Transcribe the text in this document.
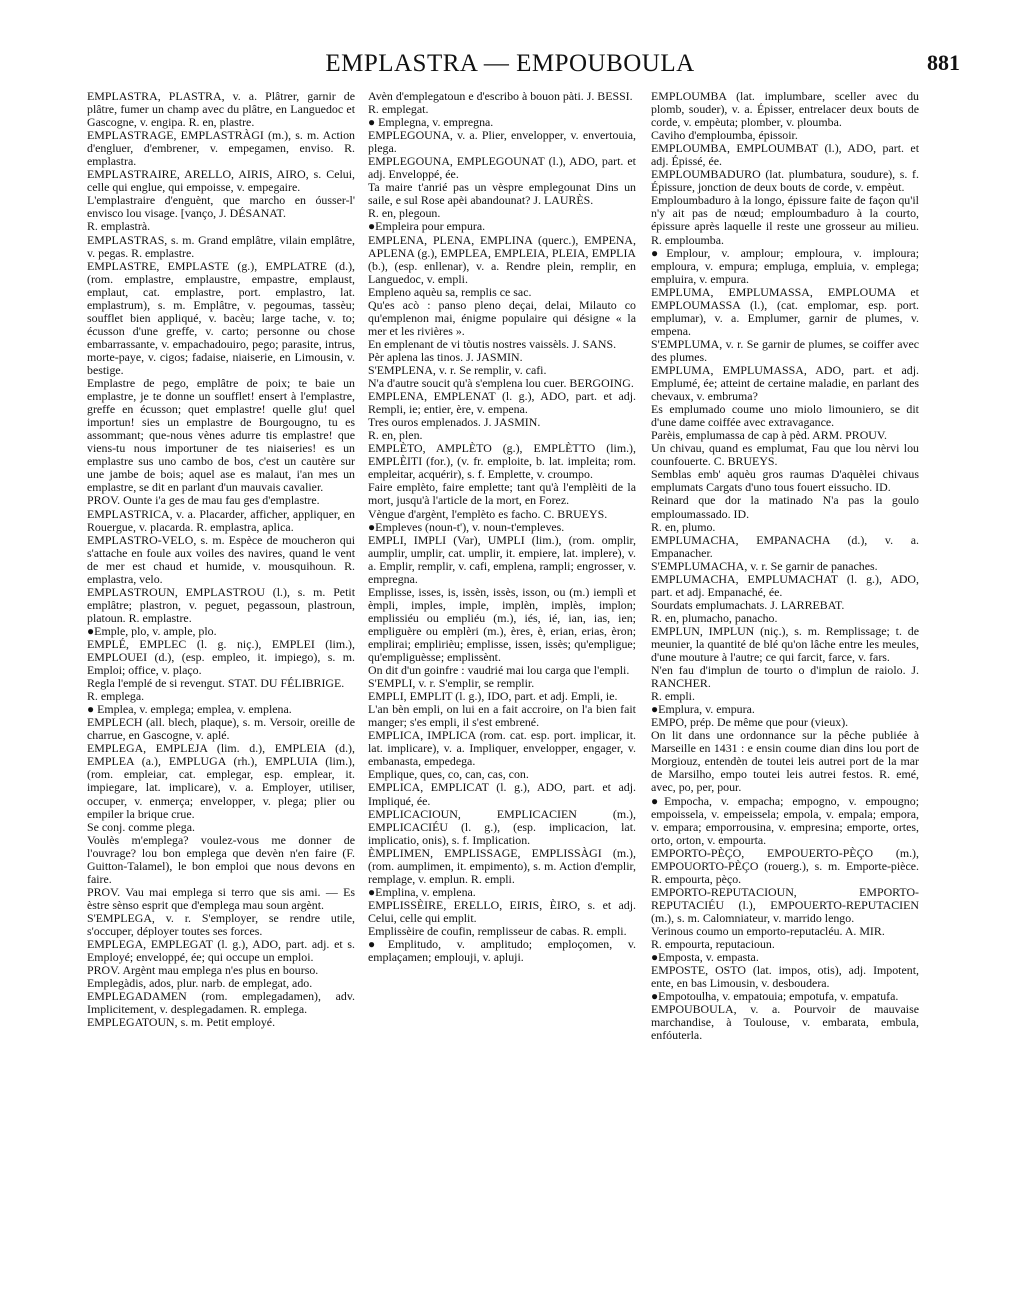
EMPLASTRA — EMPOUBOULA	881

EMPLASTRA, PLASTRA, v. a. Plâtrer, garnir de plâtre, fumer un champ avec du plâtre, en Languedoc et Gascogne, v. engipa. R. en, plastre.

EMPLASTRAGE, EMPLASTRÀGI (m.), s. m. Action d'engluer, d'embrener, v. empegamen, enviso. R. emplastra.

EMPLASTRAIRE, ARELLO, AIRIS, AIRO, s. Celui, celle qui englue, qui empoisse, v. empegaire.

L'emplastraire d'enguènt, que marcho en óusser-l' envisco lou visage. [vanço, J. DÉSANAT.

R. emplastrà.

EMPLASTRAS, s. m. Grand emplâtre, vilain emplâtre, v. pegas. R. emplastre.

EMPLASTRE, EMPLASTE (g.), EMPLATRE (d.), (rom. emplastre, emplaustre, empastre, emplaust, emplaut, cat. emplastre, port. emplastro, lat. emplastrum), s. m. Emplâtre, v. pegoumas, tassèu; soufflet bien appliqué, v. bacèu; large tache, v. to; écusson d'une greffe, v. carto; personne ou chose embarrassante, v. empachadouiro, pego; parasite, intrus, morte-paye, v. cigos; fadaise, niaiserie, en Limousin, v. bestige.

Emplastre de pego, emplâtre de poix; te baie un emplastre, je te donne un soufflet! ensert à l'emplastre, greffe en écusson; quet emplastre! quelle glu! quel importun! sies un emplastre de Bourgougno, tu es assommant; que-nous vènes adurre tis emplastre! que viens-tu nous importuner de tes niaiseries! es un emplastre sus uno cambo de bos, c'est un cautère sur une jambe de bois; aquel ase es malaut, i'an mes un emplastre, se dit en parlant d'un mauvais cavalier.

PROV. Ounte i'a ges de mau fau ges d'emplastre.

EMPLASTRICA, v. a. Placarder, afficher, appliquer, en Rouergue, v. placarda. R. emplastra, aplica.

EMPLASTRO-VELO, s. m. Espèce de moucheron qui s'attache en foule aux voiles des navires, quand le vent de mer est chaud et humide, v. mousquihoun. R. emplastra, velo.

EMPLASTROUN, EMPLASTROU (l.), s. m. Petit emplâtre; plastron, v. peguet, pegassoun, plastroun, platoun. R. emplastre.

●Emple, plo, v. ample, plo.

EMPLÉ, EMPLEC (l. g. niç.), EMPLEI (lim.), EMPLOUEI (d.), (esp. empleo, it. impiego), s. m. Emploi; office, v. plaço.

Regla l'emplé de si revengut. STAT. DU FÉLIBRIGE.

R. emplega.

● Emplea, v. emplega; emplea, v. emplena.

EMPLECH (all. blech, plaque), s. m. Versoir, oreille de charrue, en Gascogne, v. aplé.

EMPLEGA, EMPLEJA (lim. d.), EMPLEIA (d.), EMPLEA (a.), EMPLUGA (rh.), EMPLUIA (lim.), (rom. empleiar, cat. emplegar, esp. emplear, it. impiegare, lat. implicare), v. a. Employer, utiliser, occuper, v. enmerça; envelopper, v. plega; plier ou empiler la brique crue.

Se conj. comme plega.

Voulès m'emplega? voulez-vous me donner de l'ouvrage? lou bon emplega que devèn n'en faire (F. Guitton-Talamel), le bon emploi que nous devons en faire.

PROV. Vau mai emplega si terro que sis ami. — Es èstre sènso esprit que d'emplega mau soun argènt.

S'EMPLEGA, v. r. S'employer, se rendre utile, s'occuper, déployer toutes ses forces.

EMPLEGA, EMPLEGAT (l. g.), ADO, part. adj. et s. Employé; enveloppé, ée; qui occupe un emploi.

PROV. Argènt mau emplega n'es plus en bourso.

Emplegàdis, ados, plur. narb. de emplegat, ado.

EMPLEGADAMEN (rom. emplegadamen), adv. Implicitement, v. desplegadamen. R. emplega.

EMPLEGATOUN, s. m. Petit employé.

Avèn d'emplegatoun e d'escribo à bouon pàti. J. BESSI.

R. emplegat.

● Emplegna, v. empregna.

EMPLEGOUNA, v. a. Plier, envelopper, v. envertouia, plega.

EMPLEGOUNA, EMPLEGOUNAT (l.), ADO, part. et adj. Enveloppé, ée.

Ta maire t'anrié pas un vèspre emplegounat Dins un saile, e sul Rose apèi abandounat? J. LAURÈS.

R. en, plegoun.

●Empleira pour empura.

EMPLENA, PLENA, EMPLINA (querc.), EMPENA, APLENA (g.), EMPLEA, EMPLEIA, PLEIA, EMPLIA (b.), (esp. enllenar), v. a. Rendre plein, remplir, en Languedoc, v. empli.

Empleno aquèu sa, remplis ce sac.

Qu'es acò : panso pleno deçai, delai, Milauto co qu'emplenon mai, énigme populaire qui désigne « la mer et les rivières ».

En emplenant de vi tòutis nostres vaissèls. J. SANS.

Pèr aplena las tinos. J. JASMIN.

S'EMPLENA, v. r. Se remplir, v. cafi.

N'a d'autre soucit qu'à s'emplena lou cuer. BERGOING.

EMPLENA, EMPLENAT (l. g.), ADO, part. et adj. Rempli, ie; entier, ère, v. empena.

Tres ouros emplenados. J. JASMIN.

R. en, plen.

EMPLÈTO, AMPLÈTO (g.), EMPLÈTTO (lim.), EMPLÈITI (for.), (v. fr. emploite, b. lat. impleita; rom. empleitar, acquérir), s. f. Emplette, v. croumpo.

Faire emplèto, faire emplette; tant qu'à l'emplèiti de la mort, jusqu'à l'article de la mort, en Forez.

Vèngue d'argènt, l'emplèto es facho. C. BRUEYS.

●Empleves (noun-t'), v. noun-t'empleves.

EMPLI, IMPLI (Var), UMPLI (lim.), (rom. omplir, aumplir, umplir, cat. umplir, it. empiere, lat. implere), v. a. Emplir, remplir, v. cafi, emplena, rampli; engrosser, v. empregna.

Emplisse, isses, is, issèn, issès, isson, ou (m.) iemplì et èmpli, imples, imple, implèn, implès, implon; emplissiéu ou empliéu (m.), iés, ié, ian, ias, ien; empliguère ou emplèri (m.), ères, è, erian, erias, èron; emplirai; emplirièu; emplisse, issen, issès; qu'empligue; qu'empliguèsse; emplissènt.

On dit d'un goinfre : vaudrié mai lou carga que l'empli.

S'EMPLI, v. r. S'emplir, se remplir.

EMPLI, EMPLIT (l. g.), IDO, part. et adj. Empli, ie.

L'an bèn empli, on lui en a fait accroire, on l'a bien fait manger; s'es empli, il s'est embrené.

EMPLICA, IMPLICA (rom. cat. esp. port. implicar, it. lat. implicare), v. a. Impliquer, envelopper, engager, v. embanasta, empedega.

Emplique, ques, co, can, cas, con.

EMPLICA, EMPLICAT (l. g.), ADO, part. et adj. Impliqué, ée.

EMPLICACIOUN, EMPLICACIEN (m.), EMPLICACIÉU (l. g.), (esp. implicacion, lat. implicatio, onis), s. f. Implication.

ÈMPLIMEN, EMPLISSAGE, EMPLISSÀGI (m.), (rom. aumplimen, it. empimento), s. m. Action d'emplir, remplage, v. emplun. R. empli.

●Emplina, v. emplena.

EMPLISSÈIRE, ERELLO, EIRIS, ÈIRO, s. et adj. Celui, celle qui emplit.

Emplissèire de coufin, remplisseur de cabas. R. empli.

●Emplitudo, v. amplitudo; emploçomen, v. emplaçamen; emplouji, v. apluji.

EMPLOUMBA (lat. implumbare, sceller avec du plomb, souder), v. a. Épisser, entrelacer deux bouts de corde, v. empèuta; plomber, v. ploumba.

Caviho d'emploumba, épissoir.

EMPLOUMBA, EMPLOUMBAT (l.), ADO, part. et adj. Épissé, ée.

EMPLOUMBADURO (lat. plumbatura, soudure), s. f. Épissure, jonction de deux bouts de corde, v. empèut.

Emploumbaduro à la longo, épissure faite de façon qu'il n'y ait pas de nœud; emploumbaduro à la courto, épissure après laquelle il reste une grosseur au milieu. R. emploumba.

●Emplour, v. amplour; emploura, v. imploura; emploura, v. empura; empluga, empluia, v. emplega; empluira, v. empura.

EMPLUMA, EMPLUMASSA, EMPLOUMA et EMPLOUMASSA (l.), (cat. emplomar, esp. port. emplumar), v. a. Emplumer, garnir de plumes, v. empena.

S'EMPLUMA, v. r. Se garnir de plumes, se coiffer avec des plumes.

EMPLUMA, EMPLUMASSA, ADO, part. et adj. Emplumé, ée; atteint de certaine maladie, en parlant des chevaux, v. embruma?

Es emplumado coume uno miolo limouniero, se dit d'une dame coiffée avec extravagance.

Parèis, emplumassa de cap à pèd. ARM. PROUV.

Un chivau, quand es emplumat, Fau que lou nèrvi lou counfouerte. C. BRUEYS.

Semblas emb' aquèu gros raumas D'aquèlei chivaus emplumats Cargats d'uno tous fouert eissucho. ID.

Reinard que dor la matinado N'a pas la goulo emploumassado. ID.

R. en, plumo.

EMPLUMACHA, EMPANACHA (d.), v. a. Empanacher.

S'EMPLUMACHA, v. r. Se garnir de panaches.

EMPLUMACHA, EMPLUMACHAT (l. g.), ADO, part. et adj. Empanaché, ée.

Sourdats emplumachats. J. LARREBAT.

R. en, plumacho, panacho.

EMPLUN, IMPLUN (niç.), s. m. Remplissage; t. de meunier, la quantité de blé qu'on lâche entre les meules, d'une mouture à l'autre; ce qui farcit, farce, v. fars.

N'en fau d'implun de tourto o d'implun de raiolo. J. RANCHER.

R. empli.

●Emplura, v. empura.

EMPO, prép. De même que pour (vieux).

On lit dans une ordonnance sur la pêche publiée à Marseille en 1431 : e ensin coume dian dins lou port de Morgiouz, entendèn de toutei leis autrei port de la mar de Marsilho, empo toutei leis autrei festos. R. emé, avec, po, per, pour.

●Empocha, v. empacha; empogno, v. empougno; empoissela, v. empeissela; empola, v. empala; empora, v. empara; emporrousina, v. empresina; emporte, ortes, orto, orton, v. empourta.

EMPORTO-PÈÇO, EMPOUERTO-PÈÇO (m.), EMPOUORTO-PÈÇO (rouerg.), s. m. Emporte-pièce. R. empourta, pèço.

EMPORTO-REPUTACIOUN, EMPORTO-REPUTACIÉU (l.), EMPOUERTO-REPUTACIEN (m.), s. m. Calomniateur, v. marrido lengo.

Verinous coumo un emporto-reputacléu. A. MIR.

R. empourta, reputacioun.

●Emposta, v. empasta.

EMPOSTE, OSTO (lat. impos, otis), adj. Impotent, ente, en bas Limousin, v. desboudera.

●Empotoulha, v. empatouia; empotufa, v. empatufa.

EMPOUBOULA, v. a. Pourvoir de mauvaise marchandise, à Toulouse, v. embarata, embula, enfóuterla.
